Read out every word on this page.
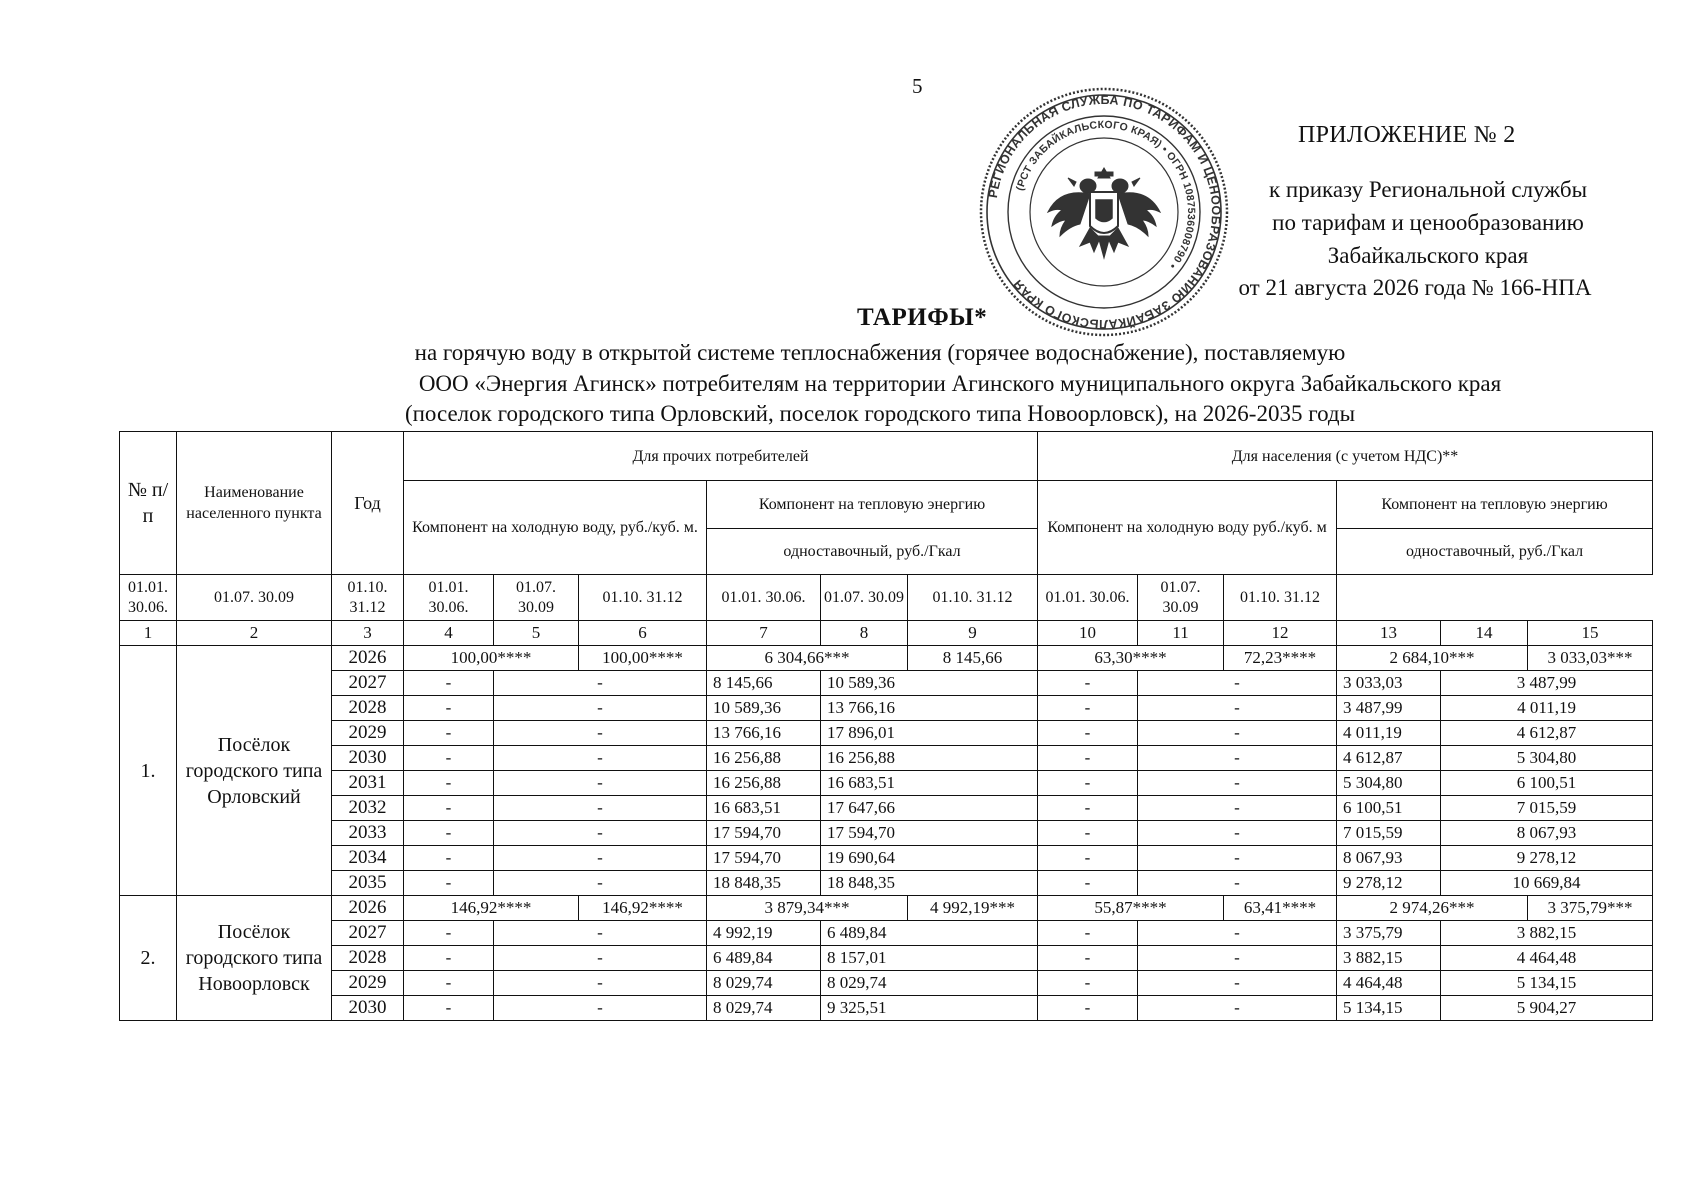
5
РЕГИОНАЛЬНАЯ СЛУЖБА ПО ТАРИФАМ И ЦЕНООБРАЗОВАНИЮ ЗАБАЙКАЛЬСКОГО КРАЯ
(РСТ ЗАБАЙКАЛЬСКОГО КРАЯ) • ОГРН 1087536008790 •
ПРИЛОЖЕНИЕ № 2
к приказу Региональной службы
по тарифам и ценообразованию
Забайкальского края
от 21 августа 2026 года № 166-НПА
ТАРИФЫ*
на горячую воду в открытой системе теплоснабжения (горячее водоснабжение), поставляемую
ООО «Энергия Агинск» потребителям на территории Агинского муниципального округа Забайкальского края
(поселок городского типа Орловский, поселок городского типа Новоорловск), на 2026-2035 годы
№ п/п	Наименование населенного пункта	Год	Для прочих потребителей						Для населения (с учетом НДС)**					
			Компонент на холодную воду, руб./куб. м.			Компонент на тепловую энергию			Компонент на холодную воду руб./куб. м			Компонент на тепловую энергию		
						одноставочный, руб./Гкал						одноставочный, руб./Гкал		
01.01. 30.06.	01.07. 30.09	01.10. 31.12	01.01. 30.06.	01.07. 30.09	01.10. 31.12	01.01. 30.06.	01.07. 30.09	01.10. 31.12	01.01. 30.06.	01.07. 30.09	01.10. 31.12			
1	2	3	4	5	6	7	8	9	10	11	12	13	14	15
1.	Посёлок городского типа Орловский	2026	100,00****		100,00****	6 304,66***		8 145,66	63,30****		72,23****	2 684,10***		3 033,03***
		2027	-	-		8 145,66	10 589,36		-	-		3 033,03	3 487,99	
		2028	-	-		10 589,36	13 766,16		-	-		3 487,99	4 011,19	
		2029	-	-		13 766,16	17 896,01		-	-		4 011,19	4 612,87	
		2030	-	-		16 256,88	16 256,88		-	-		4 612,87	5 304,80	
		2031	-	-		16 256,88	16 683,51		-	-		5 304,80	6 100,51	
		2032	-	-		16 683,51	17 647,66		-	-		6 100,51	7 015,59	
		2033	-	-		17 594,70	17 594,70		-	-		7 015,59	8 067,93	
		2034	-	-		17 594,70	19 690,64		-	-		8 067,93	9 278,12	
		2035	-	-		18 848,35	18 848,35		-	-		9 278,12	10 669,84	
2.	Посёлок городского типа Новоорловск	2026	146,92****		146,92****	3 879,34***		4 992,19***	55,87****		63,41****	2 974,26***		3 375,79***
		2027	-	-		4 992,19	6 489,84		-	-		3 375,79	3 882,15	
		2028	-	-		6 489,84	8 157,01		-	-		3 882,15	4 464,48	
		2029	-	-		8 029,74	8 029,74		-	-		4 464,48	5 134,15	
		2030	-	-		8 029,74	9 325,51		-	-		5 134,15	5 904,27	
